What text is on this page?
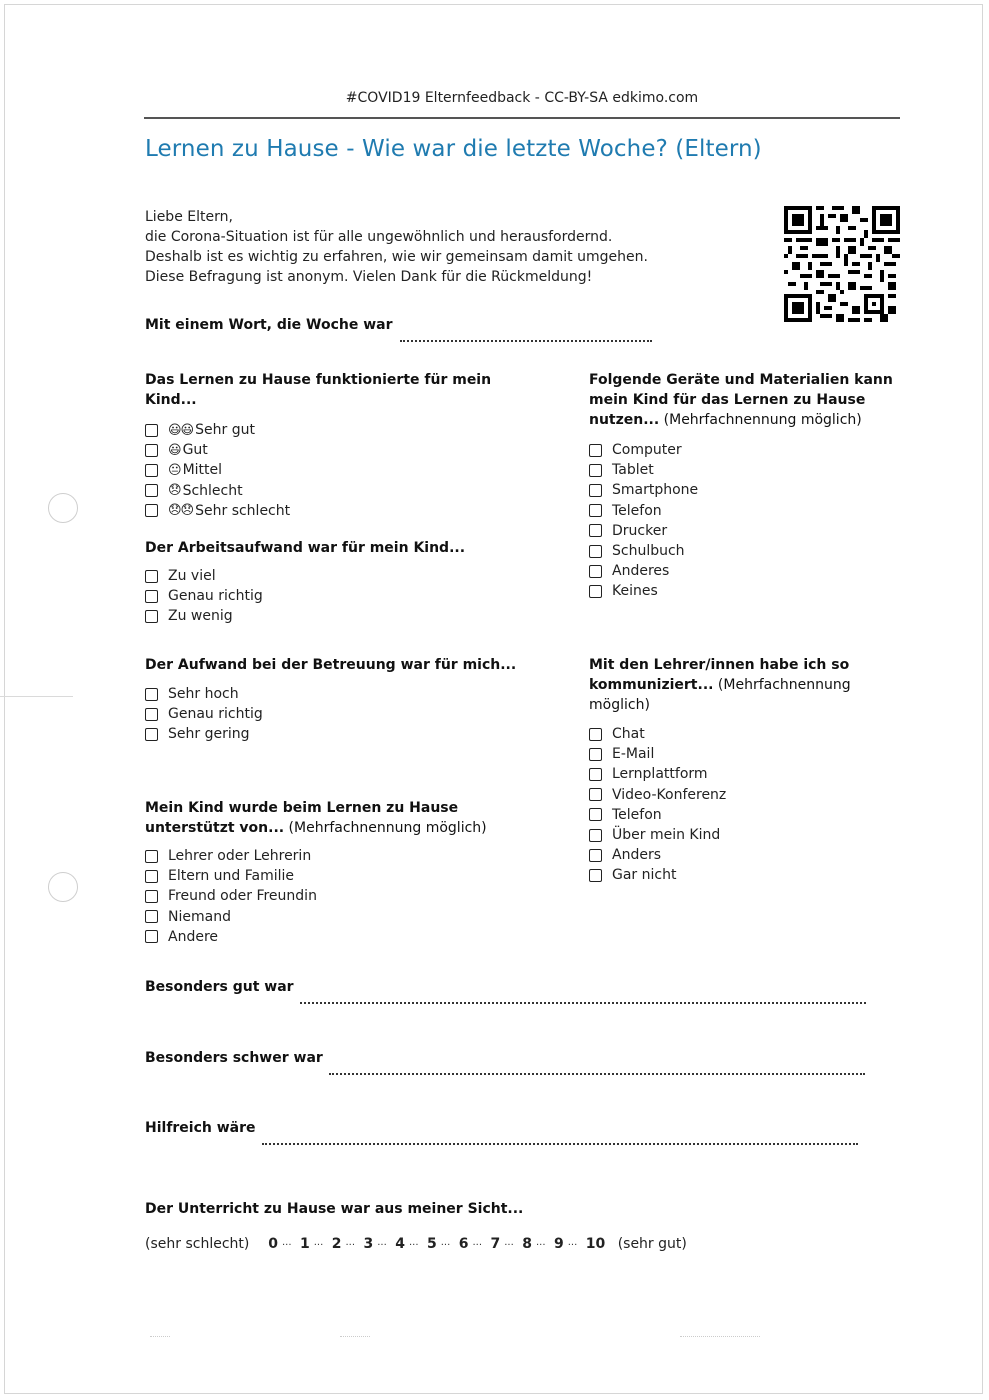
#COVID19 Elternfeedback - CC-BY-SA edkimo.com
Lernen zu Hause - Wie war die letzte Woche? (Eltern)
Liebe Eltern,
die Corona-Situation ist für alle ungewöhnlich und herausfordernd.
Deshalb ist es wichtig zu erfahren, wie wir gemeinsam damit umgehen.
Diese Befragung ist anonym. Vielen Dank für die Rückmeldung!
Mit einem Wort, die Woche war
Das Lernen zu Hause funktionierte für mein
Kind...
😃😃 Sehr gut
😃 Gut
😐 Mittel
😞 Schlecht
😞😞 Sehr schlecht
Der Arbeitsaufwand war für mein Kind...
Zu viel
Genau richtig
Zu wenig
Der Aufwand bei der Betreuung war für mich...
Sehr hoch
Genau richtig
Sehr gering
Mein Kind wurde beim Lernen zu Hause
unterstützt von... (Mehrfachnennung möglich)
Lehrer oder Lehrerin
Eltern und Familie
Freund oder Freundin
Niemand
Andere
Folgende Geräte und Materialien kann
mein Kind für das Lernen zu Hause
nutzen... (Mehrfachnennung möglich)
Computer
Tablet
Smartphone
Telefon
Drucker
Schulbuch
Anderes
Keines
Mit den Lehrer/innen habe ich so
kommuniziert... (Mehrfachnennung
möglich)
Chat
E-Mail
Lernplattform
Video-Konferenz
Telefon
Über mein Kind
Anders
Gar nicht
Besonders gut war
Besonders schwer war
Hilfreich wäre
Der Unterricht zu Hause war aus meiner Sicht...
(sehr schlecht) 0 ··· 1 ··· 2 ··· 3 ··· 4 ··· 5 ··· 6 ··· 7 ··· 8 ··· 9 ··· 10 (sehr gut)
